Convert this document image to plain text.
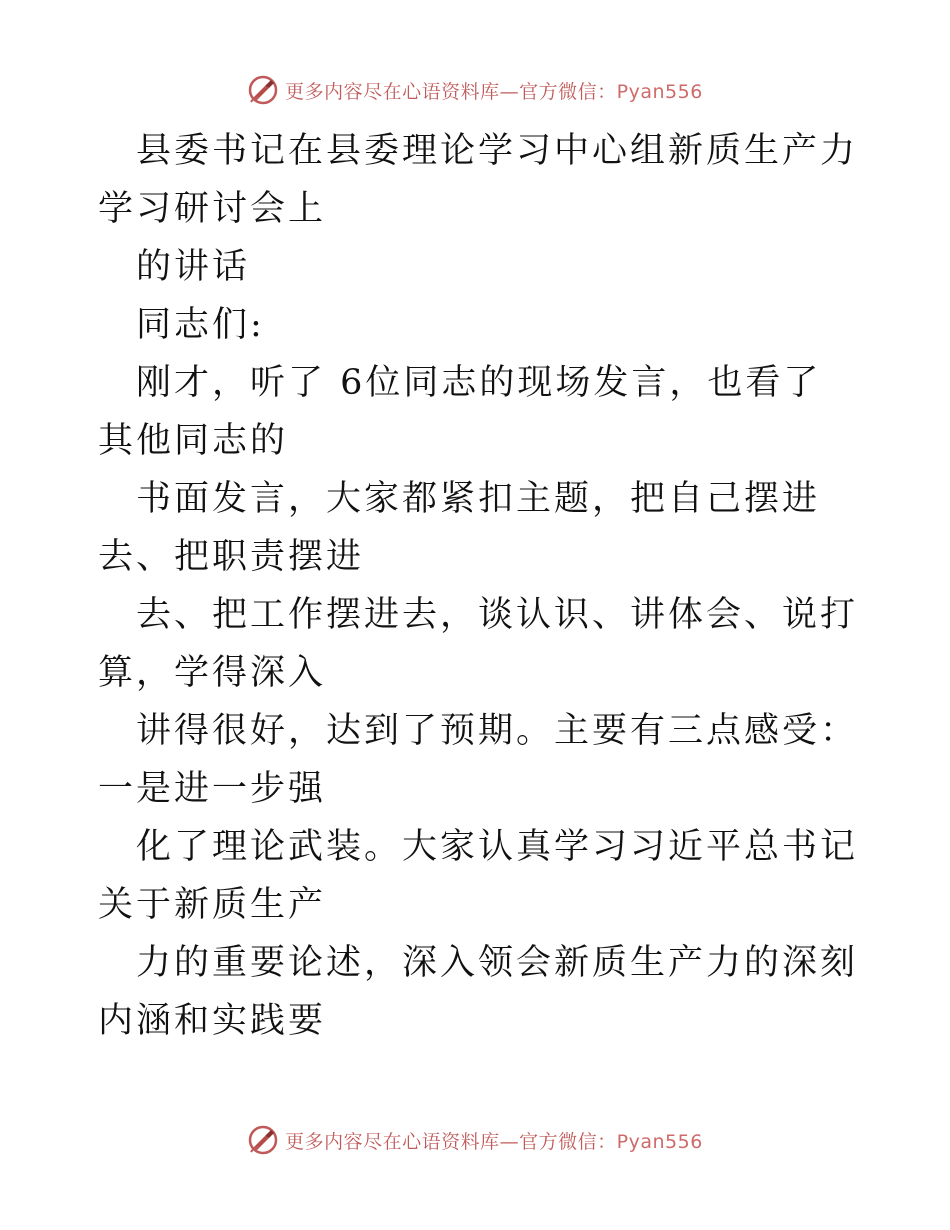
更多内容尽在心语资料库—官方微信：Pyan556

县委书记在县委理论学习中心组新质生产力学习研讨会上

的讲话

同志们:

刚才，听了 6位同志的现场发言，也看了其他同志的

书面发言，大家都紧扣主题，把自己摆进去、把职责摆进

去、把工作摆进去，谈认识、讲体会、说打算，学得深入

讲得很好，达到了预期。主要有三点感受：一是进一步强

化了理论武装。大家认真学习习近平总书记关于新质生产

力的重要论述，深入领会新质生产力的深刻内涵和实践要

更多内容尽在心语资料库—官方微信：Pyan556
